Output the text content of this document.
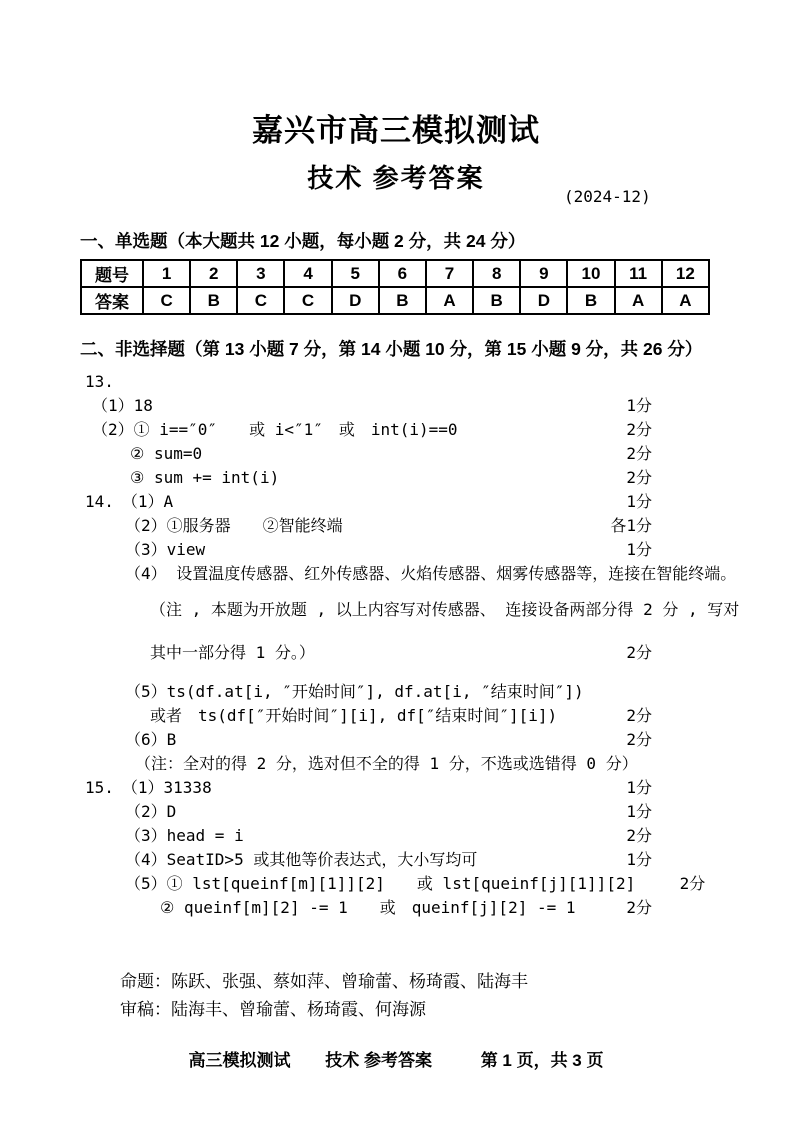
嘉兴市高三模拟测试
技术 参考答案
(2024-12)
一、单选题（本大题共 12 小题，每小题 2 分，共 24 分）
题号	1	2	3	4	5	6	7	8	9	10	11	12
答案	C	B	C	C	D	B	A	B	D	B	A	A
二、非选择题（第 13 小题 7 分，第 14 小题 10 分，第 15 小题 9 分，共 26 分）
13.
（1）18	1分
（2）① i==″0″　　或 i<″1″　或　int(i)==0	2分
② sum=0	2分
③ sum += int(i)	2分
14.　（1）A	1分
（2）①服务器　　②智能终端	各1分
（3）view	1分
（4） 设置温度传感器、红外传感器、火焰传感器、烟雾传感器等，连接在智能终端。
（注 , 本题为开放题 , 以上内容写对传感器、 连接设备两部分得 2 分 , 写对
其中一部分得 1 分。）	2分
（5）ts(df.at[i, ″开始时间″], df.at[i, ″结束时间″])
或者　ts(df[″开始时间″][i], df[″结束时间″][i])	2分
（6）B	2分
（注：全对的得 2 分，选对但不全的得 1 分，不选或选错得 0 分）
15.　（1）31338	1分
（2）D	1分
（3）head = i	2分
（4）SeatID>5 或其他等价表达式，大小写均可	1分
（5）① lst[queinf[m][1]][2]　　或 lst[queinf[j][1]][2]	2分
② queinf[m][2] -= 1　　或　queinf[j][2] -= 1	2分
命题：陈跃、张强、蔡如萍、曾瑜蕾、杨琦霞、陆海丰
审稿：陆海丰、曾瑜蕾、杨琦霞、何海源
高三模拟测试 技术 参考答案	第 1 页，共 3 页
